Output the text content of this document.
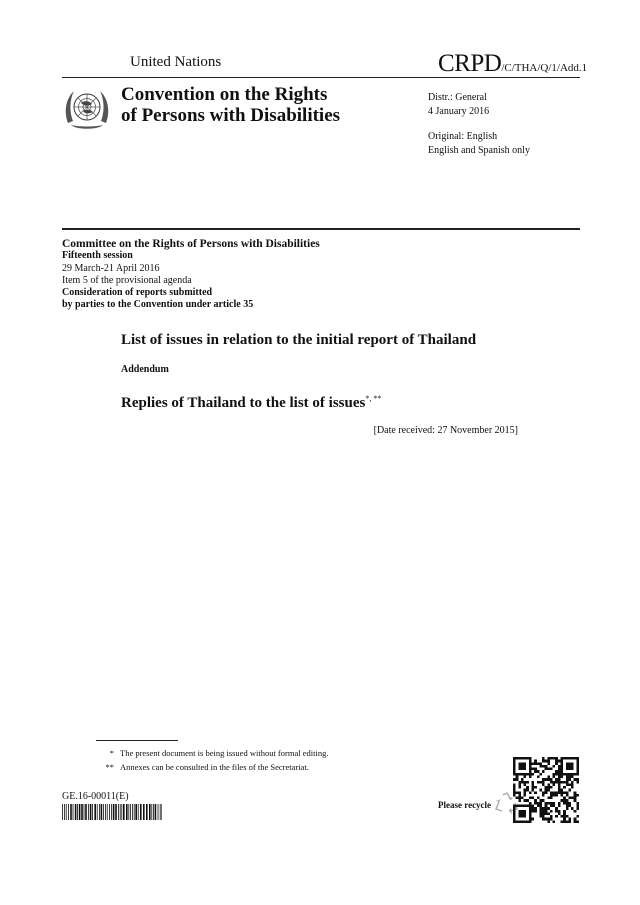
United Nations	CRPD/C/THA/Q/1/Add.1
Convention on the Rights
of Persons with Disabilities
Distr.: General
4 January 2016
Original: English
English and Spanish only
Committee on the Rights of Persons with Disabilities
Fifteenth session
29 March-21 April 2016
Item 5 of the provisional agenda
Consideration of reports submitted
by parties to the Convention under article 35
List of issues in relation to the initial report of Thailand
Addendum
Replies of Thailand to the list of issues*, **
[Date received: 27 November 2015]
* The present document is being issued without formal editing.
** Annexes can be consulted in the files of the Secretariat.
GE.16-00011(E)
Please recycle
